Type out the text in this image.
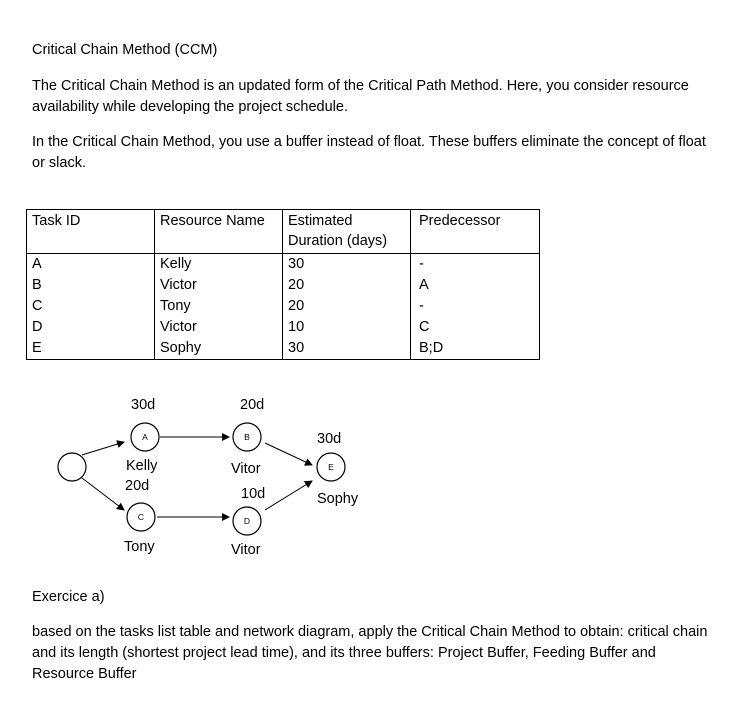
Critical Chain Method (CCM)
The Critical Chain Method is an updated form of the Critical Path Method. Here, you consider resource availability while developing the project schedule.
In the Critical Chain Method, you use a buffer instead of float. These buffers eliminate the concept of float or slack.
Task ID	Resource Name	Estimated Duration (days)	Predecessor
A	Kelly	30	-
B	Victor	20	A
C	Tony	20	-
D	Victor	10	C
E	Sophy	30	B;D
A	B
C	D
E
30d	20d
30d
Kelly
20d
Vitor
10d	Sophy
Tony	Vitor
Exercice a)
based on the tasks list table and network diagram, apply the Critical Chain Method to obtain: critical chain and its length (shortest project lead time), and its three buffers: Project Buffer, Feeding Buffer and Resource Buffer
